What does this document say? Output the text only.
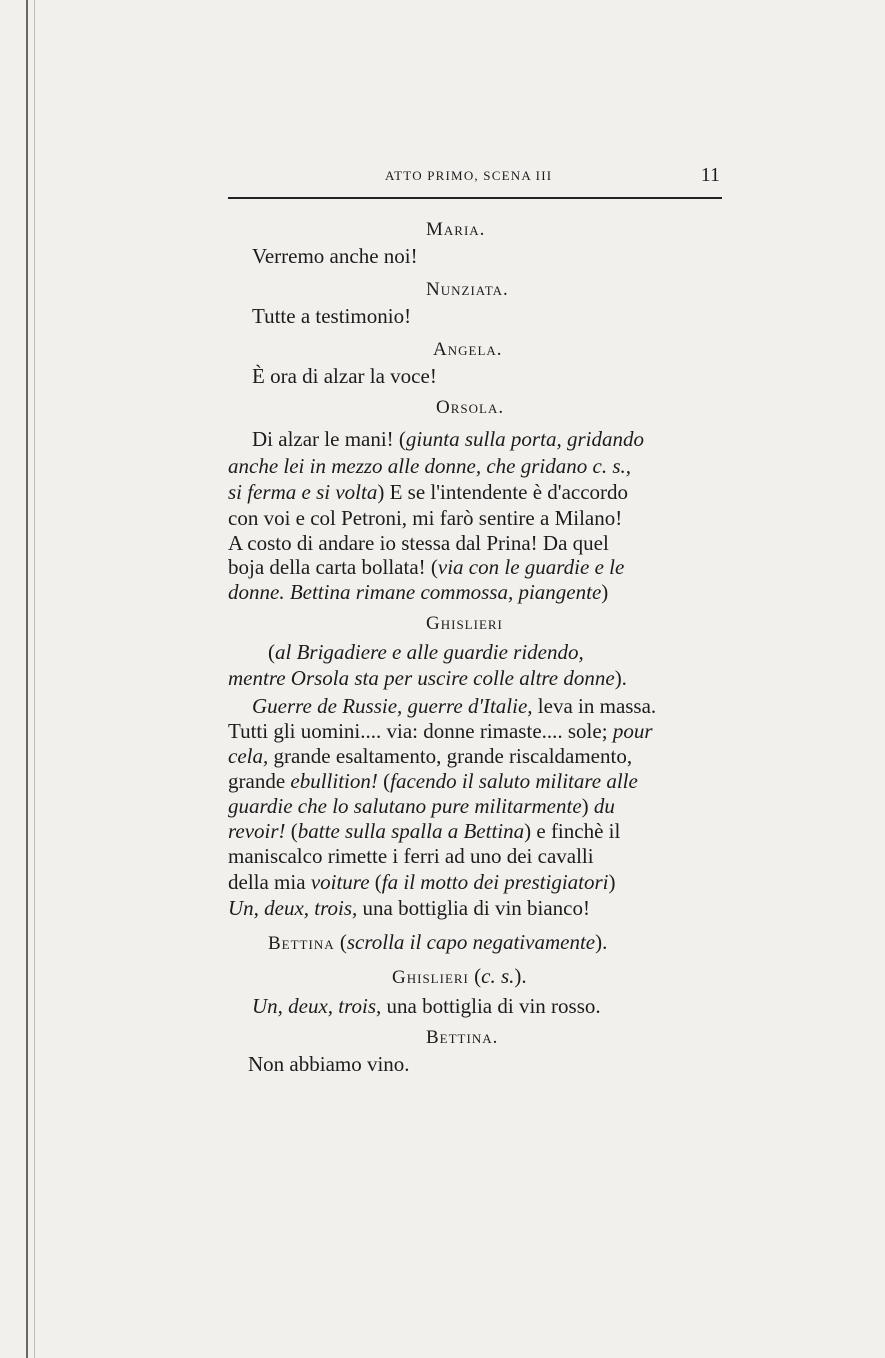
ATTO PRIMO, SCENA III	11
Maria.
Verremo anche noi!
Nunziata.
Tutte a testimonio!
Angela.
È ora di alzar la voce!
Orsola.
Di alzar le mani! (giunta sulla porta, gridando
anche lei in mezzo alle donne, che gridano c. s.,
si ferma e si volta) E se l'intendente è d'accordo
con voi e col Petroni, mi farò sentire a Milano!
A costo di andare io stessa dal Prina! Da quel
boja della carta bollata! (via con le guardie e le
donne. Bettina rimane commossa, piangente)
Ghislieri
(al Brigadiere e alle guardie ridendo,
mentre Orsola sta per uscire colle altre donne).
Guerre de Russie, guerre d'Italie, leva in massa.
Tutti gli uomini.... via: donne rimaste.... sole; pour
cela, grande esaltamento, grande riscaldamento,
grande ebullition! (facendo il saluto militare alle
guardie che lo salutano pure militarmente) du
revoir! (batte sulla spalla a Bettina) e finchè il
maniscalco rimette i ferri ad uno dei cavalli
della mia voiture (fa il motto dei prestigiatori)
Un, deux, trois, una bottiglia di vin bianco!
Bettina (scrolla il capo negativamente).
Ghislieri (c. s.).
Un, deux, trois, una bottiglia di vin rosso.
Bettina.
Non abbiamo vino.
